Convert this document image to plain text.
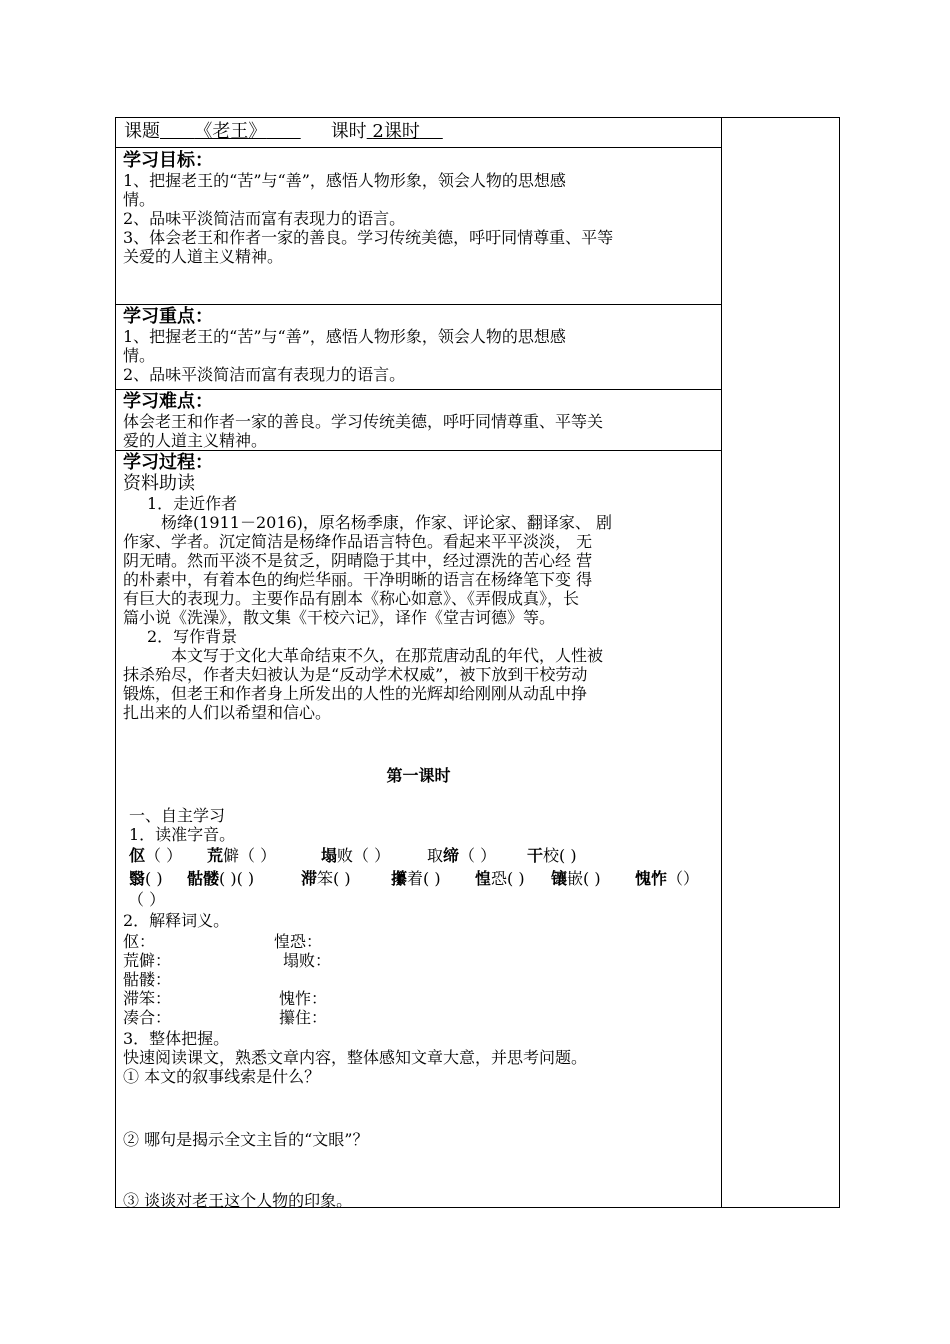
课题 《老王》	课时 2课时
学习目标：
1、把握老王的“苦”与“善”，感悟人物形象，领会人物的思想感
情。
2、品味平淡简洁而富有表现力的语言。
3、体会老王和作者一家的善良。学习传统美德，呼吁同情尊重、平等
关爱的人道主义精神。
学习重点：
1、把握老王的“苦”与“善”，感悟人物形象，领会人物的思想感
情。
2、品味平淡简洁而富有表现力的语言。
学习难点：
体会老王和作者一家的善良。学习传统美德，呼吁同情尊重、平等关
爱的人道主义精神。
学习过程：
资料助读
1．走近作者
杨绛(1911－2016)，原名杨季康，作家、评论家、翻译家、 剧
作家、学者。沉定简洁是杨绛作品语言特色。看起来平平淡淡， 无
阴无晴。然而平淡不是贫乏，阴晴隐于其中，经过漂洗的苦心经 营
的朴素中，有着本色的绚烂华丽。干净明晰的语言在杨绛笔下变 得
有巨大的表现力。主要作品有剧本《称心如意》、《弄假成真》，长
篇小说《洗澡》，散文集《干校六记》，译作《堂吉诃德》等。
2．写作背景
本文写于文化大革命结束不久，在那荒唐动乱的年代，人性被
抹杀殆尽，作者夫妇被认为是“反动学术权威”，被下放到干校劳动
锻炼，但老王和作者身上所发出的人性的光辉却给刚刚从动乱中挣
扎出来的人们以希望和信心。
第一课时
一、自主学习
1．读准字音。
伛（ ） 荒僻（ ）	塌败（ ） 取缔（ ） 干校( )
翳( ) 骷髅( )( )	滞笨( )	攥着( ) 惶恐( ) 镶嵌( ) 愧怍（）
（ ）
2．解释词义。
伛：
荒僻：
骷髅：
滞笨：
凑合：
惶恐：
塌败：
愧怍：
攥住：
3．整体把握。
快速阅读课文，熟悉文章内容，整体感知文章大意，并思考问题。
① 本文的叙事线索是什么？
② 哪句是揭示全文主旨的“文眼”？
③ 谈谈对老王这个人物的印象。
